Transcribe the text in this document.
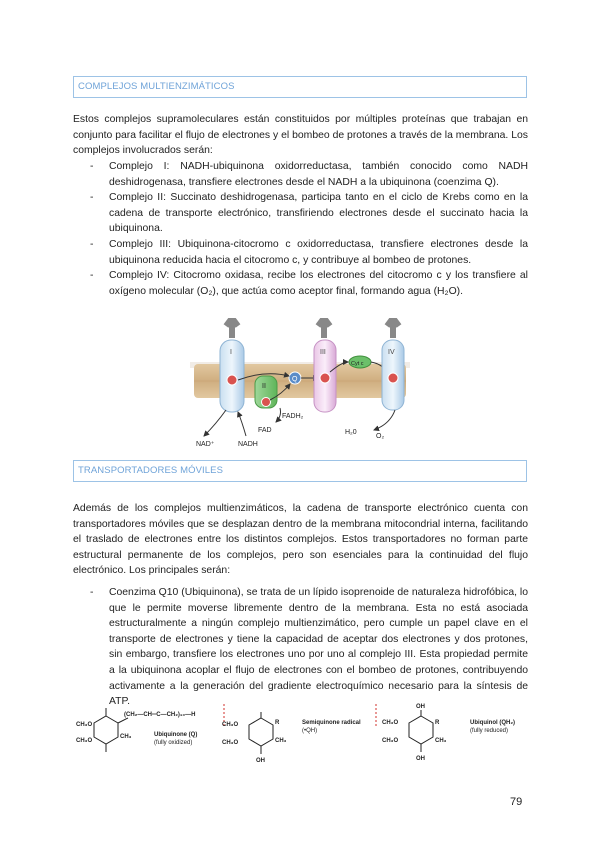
COMPLEJOS MULTIENZIMÁTICOS

Estos complejos supramoleculares están constituidos por múltiples proteínas que trabajan en conjunto para facilitar el flujo de electrones y el bombeo de protones a través de la membrana. Los complejos involucrados serán:

- Complejo I: NADH-ubiquinona oxidorreductasa, también conocido como NADH deshidrogenasa, transfiere electrones desde el NADH a la ubiquinona (coenzima Q).
- Complejo II: Succinato deshidrogenasa, participa tanto en el ciclo de Krebs como en la cadena de transporte electrónico, transfiriendo electrones desde el succinato hacia la ubiquinona.
- Complejo III: Ubiquinona-citocromo c oxidorreductasa, transfiere electrones desde la ubiquinona reducida hacia el citocromo c, y contribuye al bombeo de protones.
- Complejo IV: Citocromo oxidasa, recibe los electrones del citocromo c y los transfiere al oxígeno molecular (O₂), que actúa como aceptor final, formando agua (H₂O).
I
II
Q
III
Cyt c
IV
NAD⁺	NADH
FADH₂
FAD	H₂0
O₂
TRANSPORTADORES MÓVILES

Además de los complejos multienzimáticos, la cadena de transporte electrónico cuenta con transportadores móviles que se desplazan dentro de la membrana mitocondrial interna, facilitando el traslado de electrones entre los distintos complejos. Estos transportadores no forman parte estructural permanente de los complejos, pero son esenciales para la continuidad del flujo electrónico. Los principales serán:

- Coenzima Q10 (Ubiquinona), se trata de un lípido isoprenoide de naturaleza hidrofóbica, lo que le permite moverse libremente dentro de la membrana. Esta no está asociada estructuralmente a ningún complejo multienzimático, pero cumple un papel clave en el transporte de electrones y tiene la capacidad de aceptar dos electrones y dos protones, sin embargo, transfiere los electrones uno por uno al complejo III. Esta propiedad permite a la ubiquinona acoplar el flujo de electrones con el bombeo de protones, contribuyendo activamente a la generación del gradiente electroquímico necesario para la síntesis de ATP.
CH₃O
CH₃O
CH₃
(CH₂—CH═C—CH₂)₁₀—H
Ubiquinone (Q)
(fully oxidized)
CH₃O
CH₃O
R
CH₃
OH
Semiquinone radical
(•QH)
CH₃O
CH₃O
OH
OH
R
CH₃
Ubiquinol (QH₂)
(fully reduced)
79
